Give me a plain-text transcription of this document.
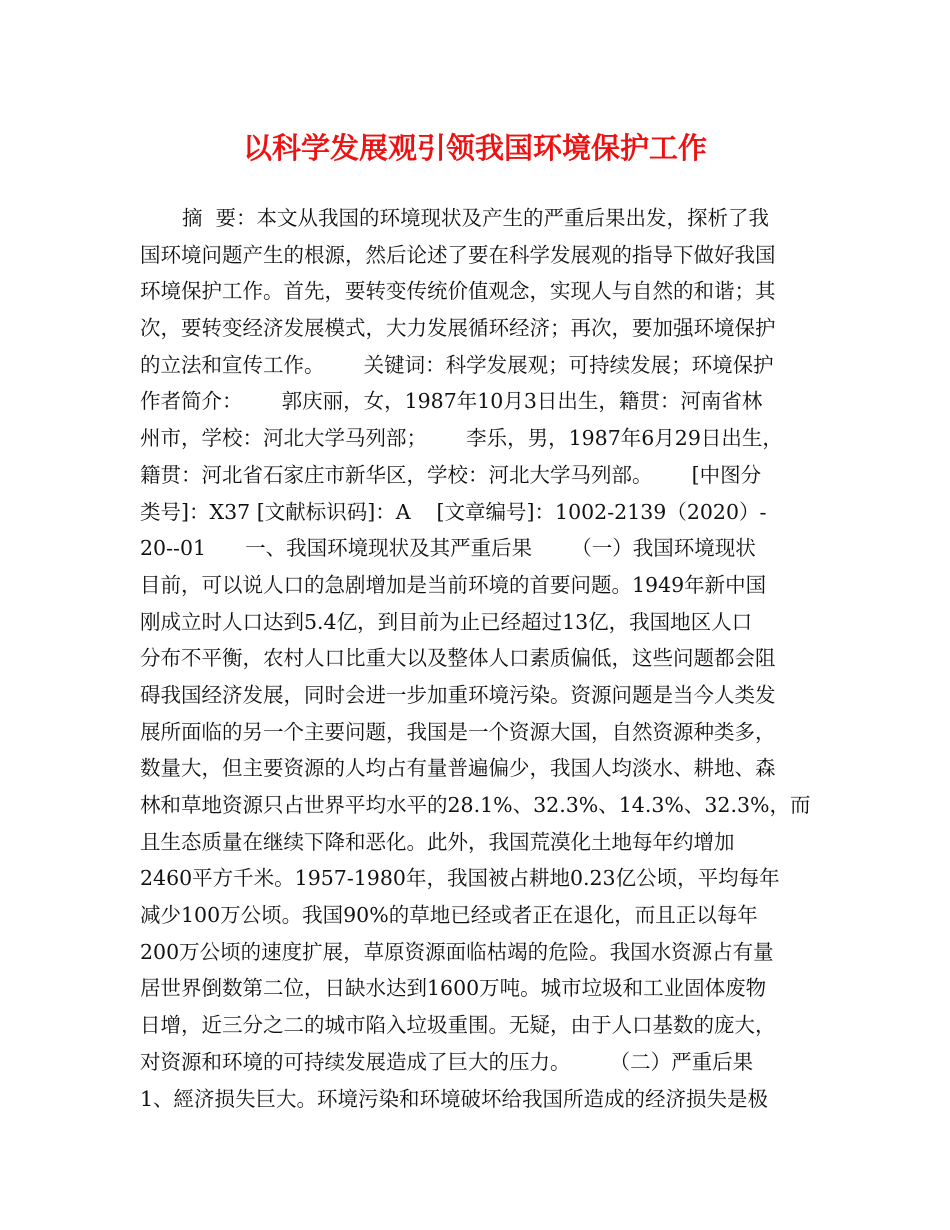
以科学发展观引领我国环境保护工作
摘  要：本文从我国的环境现状及产生的严重后果出发，探析了我
国环境问题产生的根源，然后论述了要在科学发展观的指导下做好我国
环境保护工作。首先，要转变传统价值观念，实现人与自然的和谐；其
次，要转变经济发展模式，大力发展循环经济；再次，要加强环境保护
的立法和宣传工作。      关键词：科学发展观；可持续发展；环境保护
作者简介：      郭庆丽，女，1987年10月3日出生，籍贯：河南省林
州市，学校：河北大学马列部；      李乐，男，1987年6月29日出生，
籍贯：河北省石家庄市新华区，学校：河北大学马列部。      [中图分
类号]：X37 [文献标识码]：A    [文章编号]：1002-2139（2020）-
20--01      一、我国环境现状及其严重后果      （一）我国环境现状
目前，可以说人口的急剧增加是当前环境的首要问题。1949年新中国
刚成立时人口达到5.4亿，到目前为止已经超过13亿，我国地区人口
分布不平衡，农村人口比重大以及整体人口素质偏低，这些问题都会阻
碍我国经济发展，同时会进一步加重环境污染。资源问题是当今人类发
展所面临的另一个主要问题，我国是一个资源大国，自然资源种类多，
数量大，但主要资源的人均占有量普遍偏少，我国人均淡水、耕地、森
林和草地资源只占世界平均水平的28.1%、32.3%、14.3%、32.3%，而
且生态质量在继续下降和恶化。此外，我国荒漠化土地每年约增加
2460平方千米。1957-1980年，我国被占耕地0.23亿公顷，平均每年
减少100万公顷。我国90%的草地已经或者正在退化，而且正以每年
200万公顷的速度扩展，草原资源面临枯竭的危险。我国水资源占有量
居世界倒数第二位，日缺水达到1600万吨。城市垃圾和工业固体废物
日增，近三分之二的城市陷入垃圾重围。无疑，由于人口基数的庞大，
对资源和环境的可持续发展造成了巨大的压力。      （二）严重后果
1、經济损失巨大。环境污染和环境破坏给我国所造成的经济损失是极
